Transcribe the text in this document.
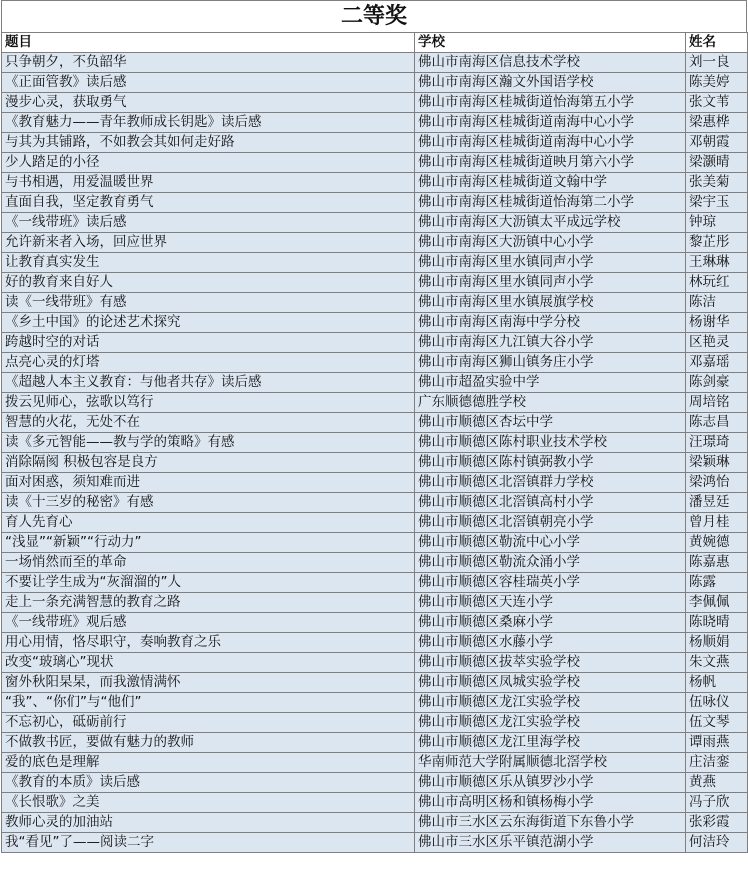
二等奖
题目	学校	姓名
只争朝夕，不负韶华	佛山市南海区信息技术学校	刘一良
《正面管教》读后感	佛山市南海区瀚文外国语学校	陈美婷
漫步心灵，获取勇气	佛山市南海区桂城街道怡海第五小学	张文苇
《教育魅力——青年教师成长钥匙》读后感	佛山市南海区桂城街道南海中心小学	梁惠桦
与其为其铺路，不如教会其如何走好路	佛山市南海区桂城街道南海中心小学	邓朝霞
少人踏足的小径	佛山市南海区桂城街道映月第六小学	梁灏晴
与书相遇，用爱温暖世界	佛山市南海区桂城街道文翰中学	张美菊
直面自我，坚定教育勇气	佛山市南海区桂城街道怡海第二小学	梁宇玉
《一线带班》读后感	佛山市南海区大沥镇太平成远学校	钟琼
允许新来者入场，回应世界	佛山市南海区大沥镇中心小学	黎芷彤
让教育真实发生	佛山市南海区里水镇同声小学	王琳琳
好的教育来自好人	佛山市南海区里水镇同声小学	林玩红
读《一线带班》有感	佛山市南海区里水镇展旗学校	陈洁
《乡土中国》的论述艺术探究	佛山市南海区南海中学分校	杨谢华
跨越时空的对话	佛山市南海区九江镇大谷小学	区艳灵
点亮心灵的灯塔	佛山市南海区狮山镇务庄小学	邓嘉瑶
《超越人本主义教育：与他者共存》读后感	佛山市超盈实验中学	陈剑豪
拨云见师心，弦歌以笃行	广东顺德德胜学校	周培铭
智慧的火花，无处不在	佛山市顺德区杏坛中学	陈志昌
读《多元智能——教与学的策略》有感	佛山市顺德区陈村职业技术学校	汪璟琦
消除隔阂 积极包容是良方	佛山市顺德区陈村镇弼教小学	梁颖琳
面对困惑，须知难而进	佛山市顺德区北滘镇群力学校	梁鸿怡
读《十三岁的秘密》有感	佛山市顺德区北滘镇高村小学	潘昱廷
育人先育心	佛山市顺德区北滘镇朝亮小学	曾月桂
“浅显”“新颖”“行动力”	佛山市顺德区勒流中心小学	黄婉德
一场悄然而至的革命	佛山市顺德区勒流众涌小学	陈嘉惠
不要让学生成为“灰溜溜的”人	佛山市顺德区容桂瑞英小学	陈露
走上一条充满智慧的教育之路	佛山市顺德区天连小学	李佩佩
《一线带班》观后感	佛山市顺德区桑麻小学	陈晓晴
用心用情，恪尽职守，奏响教育之乐	佛山市顺德区水藤小学	杨顺娟
改变“玻璃心”现状	佛山市顺德区拔萃实验学校	朱文燕
窗外秋阳杲杲，而我激情满怀	佛山市顺德区凤城实验学校	杨帆
“我”、“你们”与“他们”	佛山市顺德区龙江实验学校	伍咏仪
不忘初心，砥砺前行	佛山市顺德区龙江实验学校	伍文琴
不做教书匠，要做有魅力的教师	佛山市顺德区龙江里海学校	谭雨燕
爱的底色是理解	华南师范大学附属顺德北滘学校	庄洁銮
《教育的本质》读后感	佛山市顺德区乐从镇罗沙小学	黄燕
《长恨歌》之美	佛山市高明区杨和镇杨梅小学	冯子欣
教师心灵的加油站	佛山市三水区云东海街道下东鲁小学	张彩霞
我“看见”了——阅读二字	佛山市三水区乐平镇范湖小学	何洁玲
